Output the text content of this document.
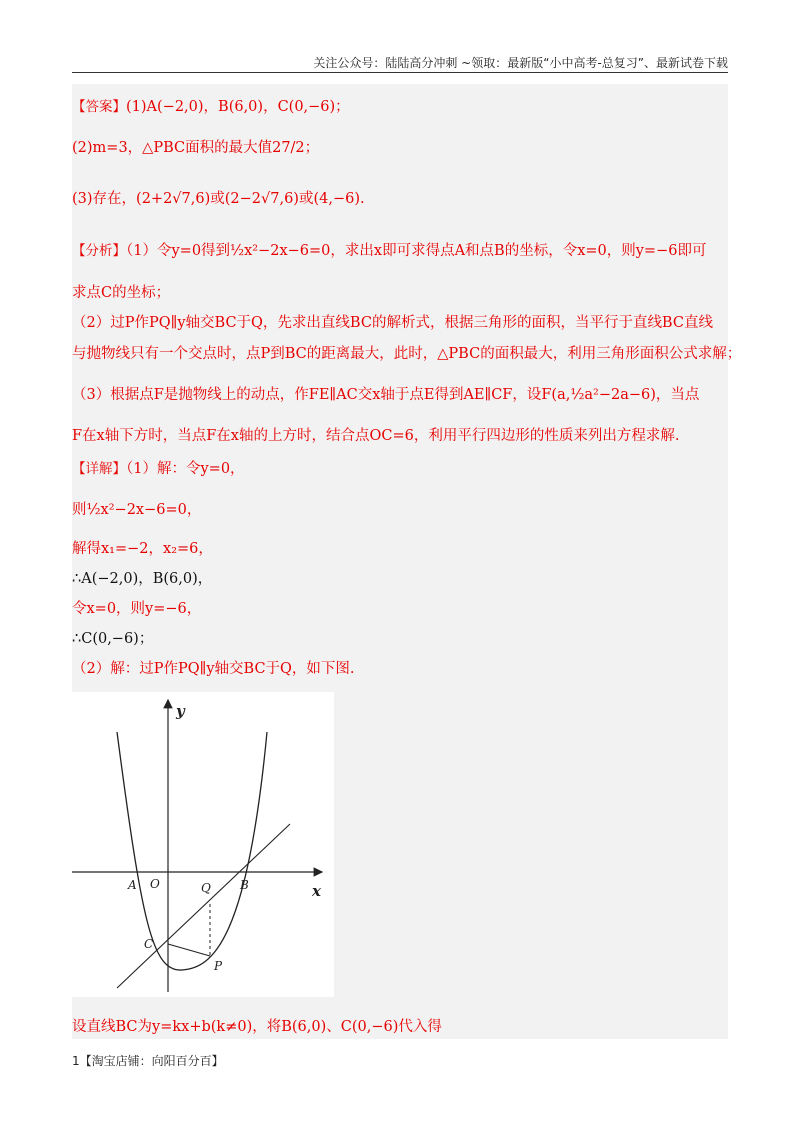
关注公众号：陆陆高分冲刺 ~领取：最新版“小中高考-总复习”、最新试卷下载
【答案】(1)A(−2,0)，B(6,0)，C(0,−6)；
(2)m=3，△PBC面积的最大值27/2；
(3)存在，(2+2√7,6)或(2−2√7,6)或(4,−6).
【分析】（1）令y=0得到½x²−2x−6=0，求出x即可求得点A和点B的坐标，令x=0，则y=−6即可
求点C的坐标；
（2）过P作PQ∥y轴交BC于Q，先求出直线BC的解析式，根据三角形的面积，当平行于直线BC直线
与抛物线只有一个交点时，点P到BC的距离最大，此时，△PBC的面积最大，利用三角形面积公式求解；
（3）根据点F是抛物线上的动点，作FE∥AC交x轴于点E得到AE∥CF，设F(a,½a²−2a−6)，当点
F在x轴下方时，当点F在x轴的上方时，结合点OC=6，利用平行四边形的性质来列出方程求解.
【详解】（1）解：令y=0，
则½x²−2x−6=0，
解得x₁=−2，x₂=6，
∴A(−2,0)，B(6,0)，
令x=0，则y=−6，
∴C(0,−6)；
（2）解：过P作PQ∥y轴交BC于Q，如下图.
y
x
A O	Q B
C
P
设直线BC为y=kx+b(k≠0)，将B(6,0)、C(0,−6)代入得
1【淘宝店铺：向阳百分百】
